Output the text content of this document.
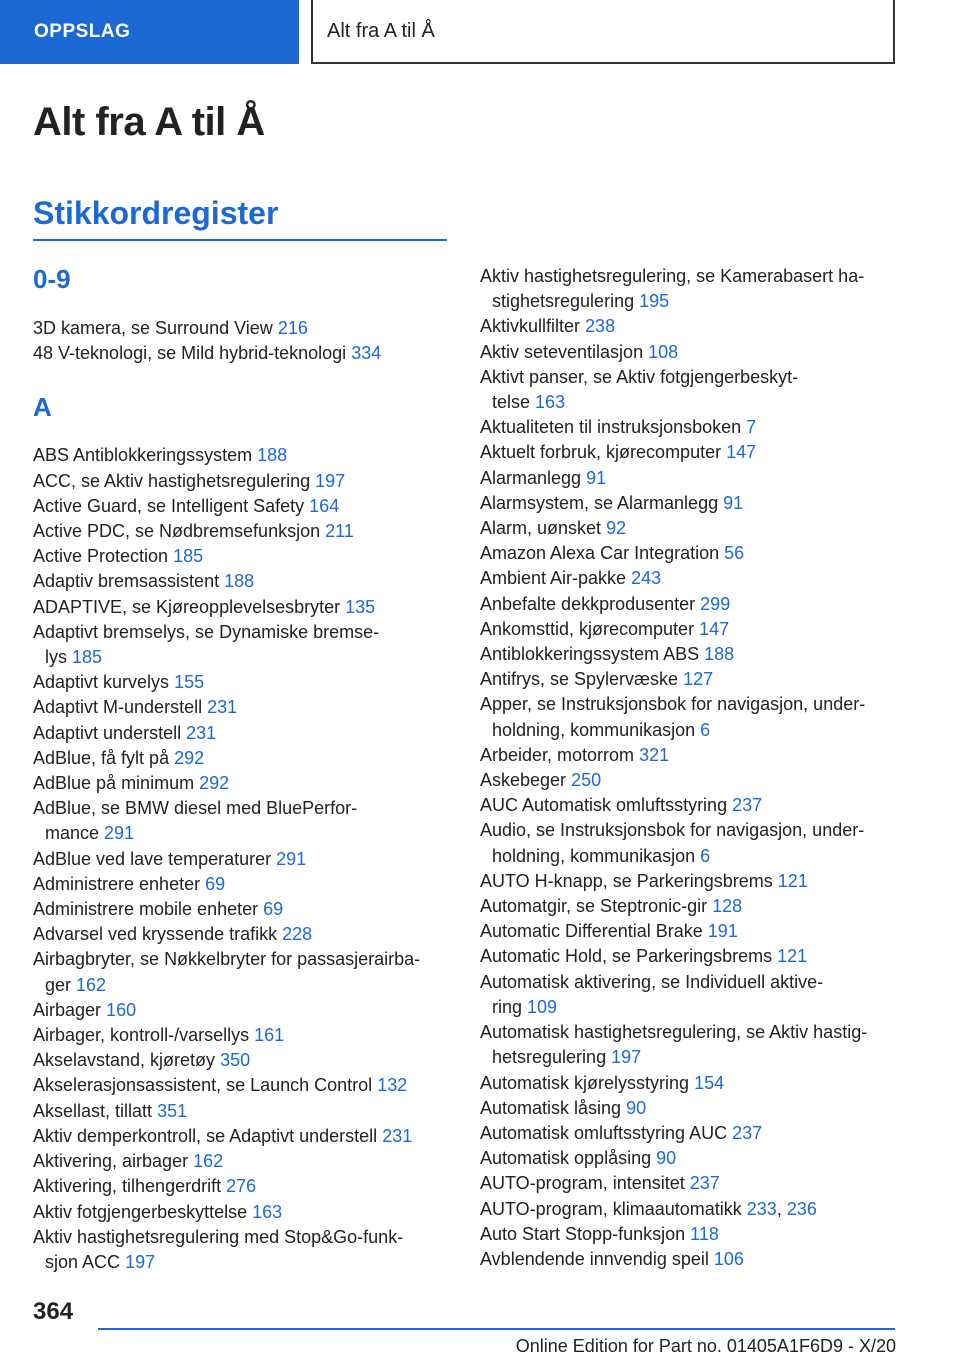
OPPSLAG	Alt fra A til Å
Alt fra A til Å
Stikkordregister
0-9
3D kamera, se Surround View 216
48 V-teknologi, se Mild hybrid-teknologi 334
A
ABS Antiblokkeringssystem 188
ACC, se Aktiv hastighetsregulering 197
Active Guard, se Intelligent Safety 164
Active PDC, se Nødbremsefunksjon 211
Active Protection 185
Adaptiv bremsassistent 188
ADAPTIVE, se Kjøreopplevelsesbryter 135
Adaptivt bremselys, se Dynamiske bremse-
lys 185
Adaptivt kurvelys 155
Adaptivt M-understell 231
Adaptivt understell 231
AdBlue, få fylt på 292
AdBlue på minimum 292
AdBlue, se BMW diesel med BluePerfor-
mance 291
AdBlue ved lave temperaturer 291
Administrere enheter 69
Administrere mobile enheter 69
Advarsel ved kryssende trafikk 228
Airbagbryter, se Nøkkelbryter for passasjerairba-
ger 162
Airbager 160
Airbager, kontroll-/varsellys 161
Akselavstand, kjøretøy 350
Akselerasjonsassistent, se Launch Control 132
Aksellast, tillatt 351
Aktiv demperkontroll, se Adaptivt understell 231
Aktivering, airbager 162
Aktivering, tilhengerdrift 276
Aktiv fotgjengerbeskyttelse 163
Aktiv hastighetsregulering med Stop&Go-funk-
sjon ACC 197
Aktiv hastighetsregulering, se Kamerabasert ha-
stighetsregulering 195
Aktivkullfilter 238
Aktiv seteventilasjon 108
Aktivt panser, se Aktiv fotgjengerbeskyt-
telse 163
Aktualiteten til instruksjonsboken 7
Aktuelt forbruk, kjørecomputer 147
Alarmanlegg 91
Alarmsystem, se Alarmanlegg 91
Alarm, uønsket 92
Amazon Alexa Car Integration 56
Ambient Air-pakke 243
Anbefalte dekkprodusenter 299
Ankomsttid, kjørecomputer 147
Antiblokkeringssystem ABS 188
Antifrys, se Spylervæske 127
Apper, se Instruksjonsbok for navigasjon, under-
holdning, kommunikasjon 6
Arbeider, motorrom 321
Askebeger 250
AUC Automatisk omluftsstyring 237
Audio, se Instruksjonsbok for navigasjon, under-
holdning, kommunikasjon 6
AUTO H-knapp, se Parkeringsbrems 121
Automatgir, se Steptronic-gir 128
Automatic Differential Brake 191
Automatic Hold, se Parkeringsbrems 121
Automatisk aktivering, se Individuell aktive-
ring 109
Automatisk hastighetsregulering, se Aktiv hastig-
hetsregulering 197
Automatisk kjørelysstyring 154
Automatisk låsing 90
Automatisk omluftsstyring AUC 237
Automatisk opplåsing 90
AUTO-program, intensitet 237
AUTO-program, klimaautomatikk 233, 236
Auto Start Stopp-funksjon 118
Avblendende innvendig speil 106
364
Online Edition for Part no. 01405A1F6D9 - X/20
